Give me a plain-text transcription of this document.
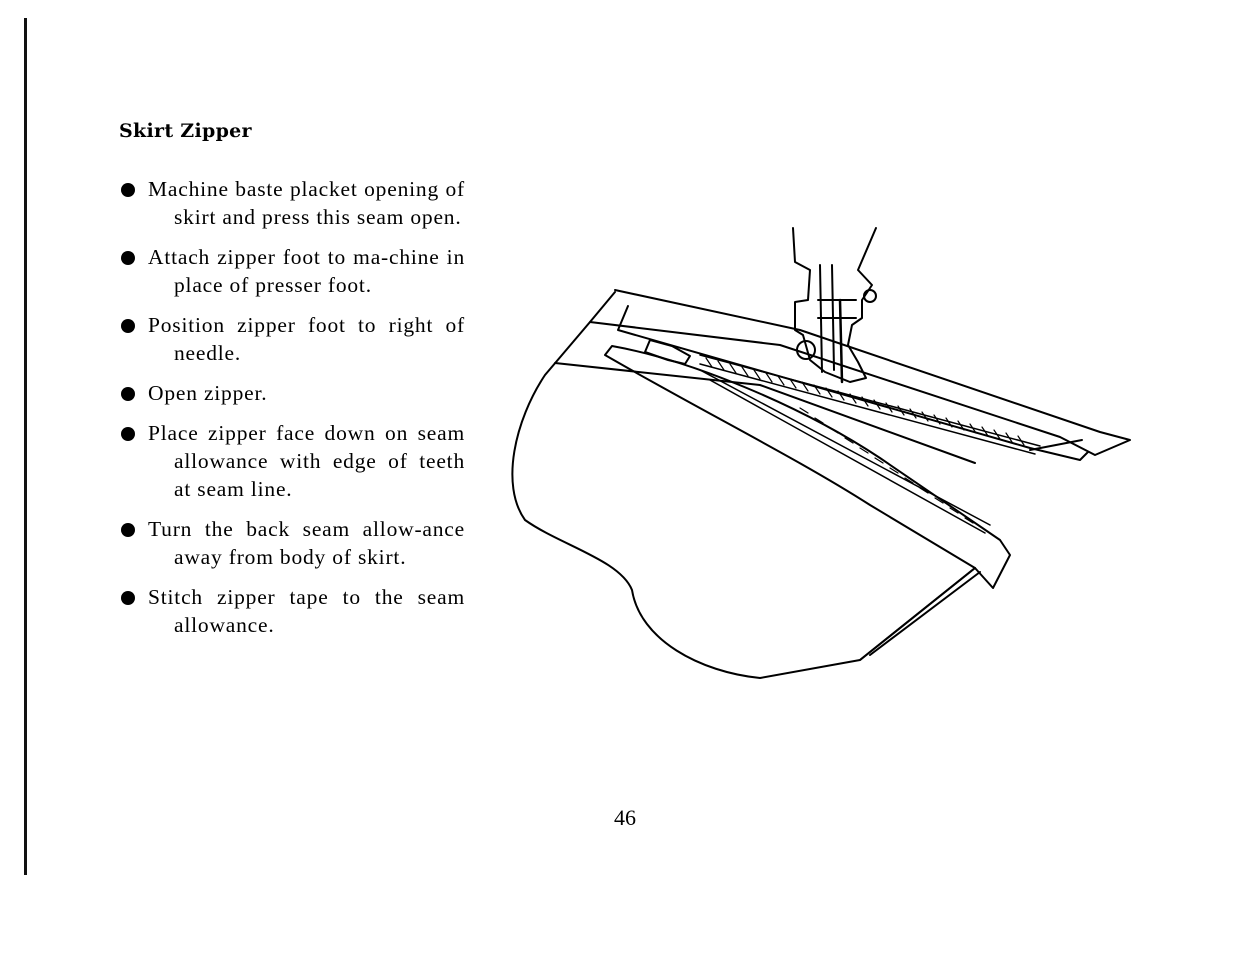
Skirt Zipper
Machine baste placket opening of skirt and press this seam open.
Attach zipper foot to ma-chine in place of presser foot.
Position zipper foot to right of needle.
Open zipper.
Place zipper face down on seam allowance with edge of teeth at seam line.
Turn the back seam allow-ance away from body of skirt.
Stitch zipper tape to the seam allowance.
46
